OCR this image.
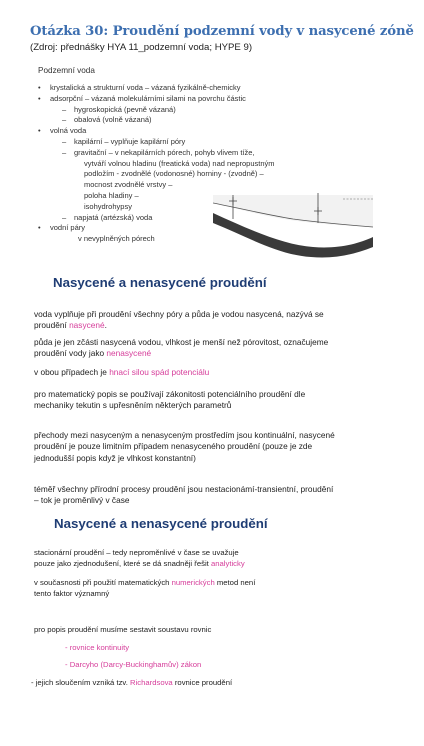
Otázka 30: Proudění podzemní vody v nasycené zóně
(Zdroj: přednášky HYA 11_podzemní voda; HYPE 9)
Podzemní voda
• krystalická a strukturní voda – vázaná fyzikálně-chemicky
• adsorpční – vázaná molekulárními silami na povrchu částic
– hygroskopická (pevně vázaná)
– obalová (volně vázaná)
• volná voda
– kapilární – vyplňuje kapilární póry
– gravitační – v nekapilárních pórech, pohyb vlivem tíže,
vytváří volnou hladinu (freatická voda) nad nepropustným
podložím - zvodnělé (vodonosné) horniny - (zvodně) –
mocnost zvodnělé vrstvy –
poloha hladiny –
isohydrohypsy
– napjatá (artézská) voda
• vodní páry
v nevyplněných pórech
Nasycené a nenasycené proudění
voda vyplňuje při proudění všechny póry a půda je vodou nasycená, nazývá se proudění nasycené.
půda je jen zčásti nasycená vodou, vlhkost je menší než pórovitost, označujeme proudění vody jako nenasycené
v obou případech je hnací silou spád potenciálu
pro matematický popis se používají zákonitosti potenciálního proudění dle mechaniky tekutin s upřesněním některých parametrů
přechody mezi nasyceným a nenasyceným prostředím jsou kontinuální, nasycené proudění je pouze limitním případem nenasyceného proudění (pouze je zde jednodušší popis když je vlhkost konstantní)
téměř všechny přírodní procesy proudění jsou nestacionámí-transientní, proudění – tok je proměnlivý v čase
Nasycené a nenasycené proudění
stacionární proudění – tedy neproměnlivé v čase se uvažuje
pouze jako zjednodušení, které se dá snadněji řešit analyticky
v současnosti při použití matematických numerických metod není
tento faktor významný
pro popis proudění musíme sestavit soustavu rovnic
- rovnice kontinuity
- Darcyho (Darcy-Buckinghamův) zákon
- jejich sloučením vzniká tzv. Richardsova rovnice proudění
